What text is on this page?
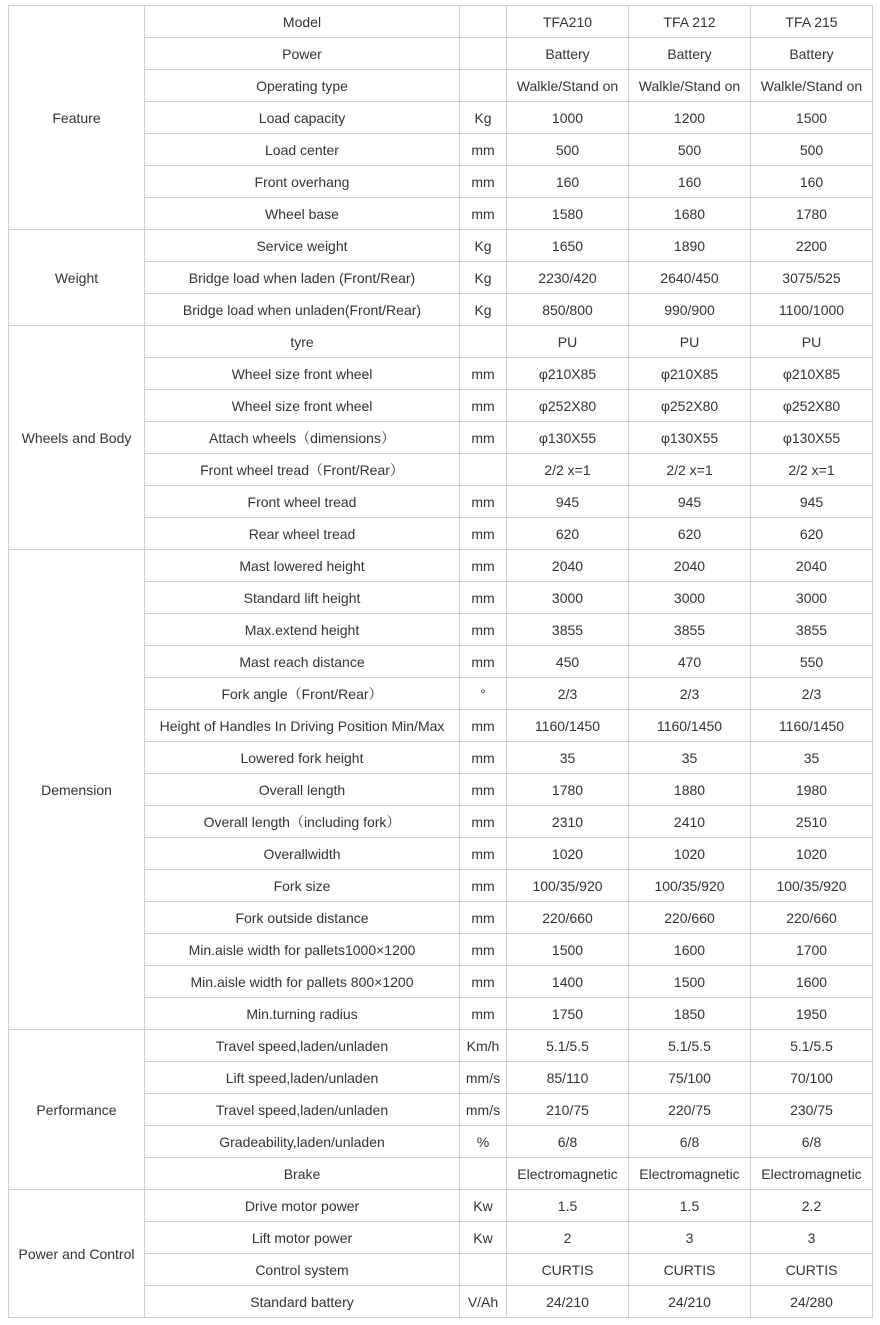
Feature	Model		TFA210	TFA 212	TFA 215
	Power		Battery	Battery	Battery
	Operating type		Walkle/Stand on	Walkle/Stand on	Walkle/Stand on
	Load capacity	Kg	1000	1200	1500
	Load center	mm	500	500	500
	Front overhang	mm	160	160	160
	Wheel base	mm	1580	1680	1780
Weight	Service weight	Kg	1650	1890	2200
	Bridge load when laden (Front/Rear)	Kg	2230/420	2640/450	3075/525
	Bridge load when unladen(Front/Rear)	Kg	850/800	990/900	1100/1000
Wheels and Body	tyre		PU	PU	PU
	Wheel size front wheel	mm	φ210X85	φ210X85	φ210X85
	Wheel size front wheel	mm	φ252X80	φ252X80	φ252X80
	Attach wheels（dimensions）	mm	φ130X55	φ130X55	φ130X55
	Front wheel tread（Front/Rear）		2/2 x=1	2/2 x=1	2/2 x=1
	Front wheel tread	mm	945	945	945
	Rear wheel tread	mm	620	620	620
Demension	Mast lowered height	mm	2040	2040	2040
	Standard lift height	mm	3000	3000	3000
	Max.extend height	mm	3855	3855	3855
	Mast reach distance	mm	450	470	550
	Fork angle（Front/Rear）	°	2/3	2/3	2/3
	Height of Handles In Driving Position Min/Max	mm	1160/1450	1160/1450	1160/1450
	Lowered fork height	mm	35	35	35
	Overall length	mm	1780	1880	1980
	Overall length（including fork）	mm	2310	2410	2510
	Overallwidth	mm	1020	1020	1020
	Fork size	mm	100/35/920	100/35/920	100/35/920
	Fork outside distance	mm	220/660	220/660	220/660
	Min.aisle width for pallets1000×1200	mm	1500	1600	1700
	Min.aisle width for pallets 800×1200	mm	1400	1500	1600
	Min.turning radius	mm	1750	1850	1950
Performance	Travel speed,laden/unladen	Km/h	5.1/5.5	5.1/5.5	5.1/5.5
	Lift speed,laden/unladen	mm/s	85/110	75/100	70/100
	Travel speed,laden/unladen	mm/s	210/75	220/75	230/75
	Gradeability,laden/unladen	%	6/8	6/8	6/8
	Brake		Electromagnetic	Electromagnetic	Electromagnetic
Power and Control	Drive motor power	Kw	1.5	1.5	2.2
	Lift motor power	Kw	2	3	3
	Control system		CURTIS	CURTIS	CURTIS
	Standard battery	V/Ah	24/210	24/210	24/280
